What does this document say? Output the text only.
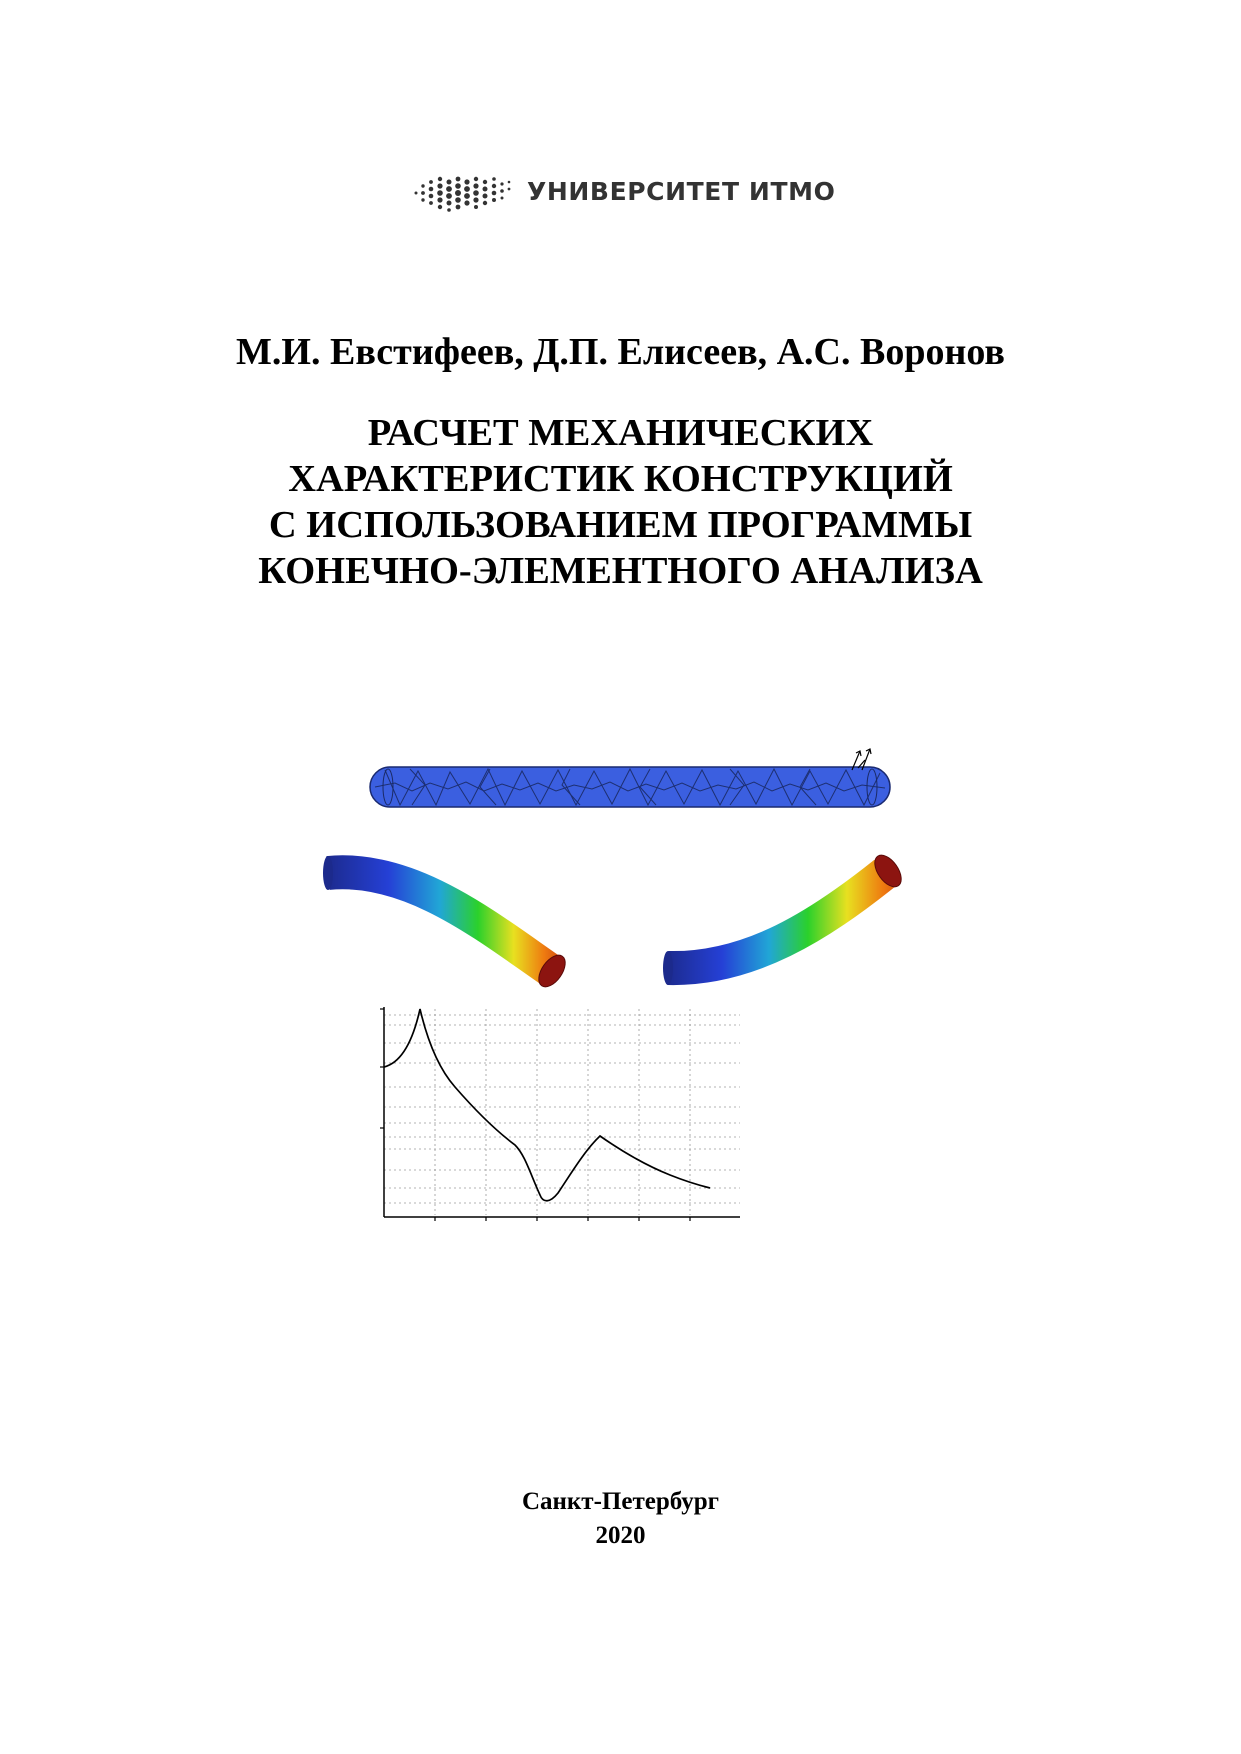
УНИВЕРСИТЕТ ИТМО
М.И. Евстифеев, Д.П. Елисеев, А.С. Воронов
РАСЧЕТ МЕХАНИЧЕСКИХ
ХАРАКТЕРИСТИК КОНСТРУКЦИЙ
С ИСПОЛЬЗОВАНИЕМ ПРОГРАММЫ
КОНЕЧНО-ЭЛЕМЕНТНОГО АНАЛИЗА
Санкт-Петербург
2020
